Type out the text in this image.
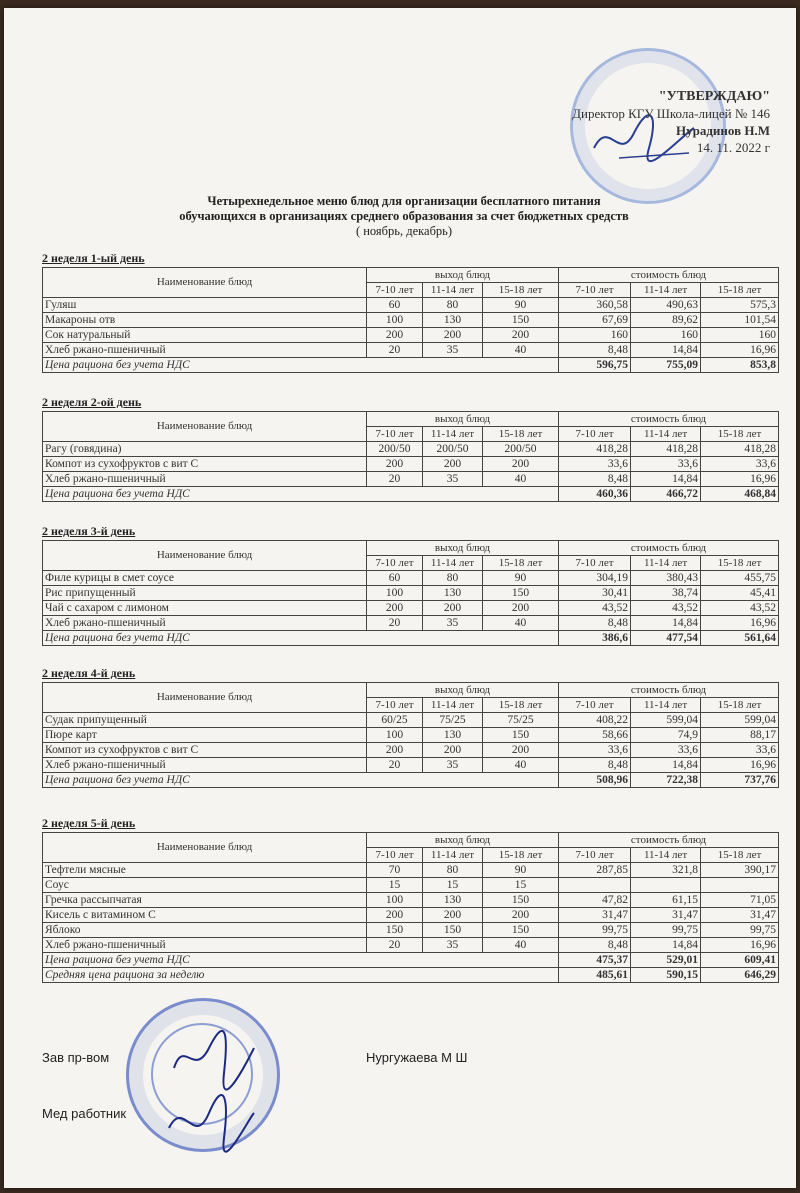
"УТВЕРЖДАЮ"
Директор КГУ Школа-лицей № 146
Нурадинов Н.М
14. 11. 2022 г
Четырехнедельное меню блюд для организации бесплатного питания
обучающихся в организациях среднего образования за счет бюджетных средств
( ноябрь, декабрь)
2 неделя 1-ый день
Наименование блюд	выход блюд			стоимость блюд		
	7-10 лет	11-14 лет	15-18 лет	7-10 лет	11-14 лет	15-18 лет
Гуляш	60	80	90	360,58	490,63	575,3
Макароны отв	100	130	150	67,69	89,62	101,54
Сок натуральный	200	200	200	160	160	160
Хлеб ржано-пшеничный	20	35	40	8,48	14,84	16,96
Цена рациона без учета НДС				596,75	755,09	853,8
2 неделя 2-ой день
Наименование блюд	выход блюд			стоимость блюд		
	7-10 лет	11-14 лет	15-18 лет	7-10 лет	11-14 лет	15-18 лет
Рагу (говядина)	200/50	200/50	200/50	418,28	418,28	418,28
Компот из сухофруктов с вит С	200	200	200	33,6	33,6	33,6
Хлеб ржано-пшеничный	20	35	40	8,48	14,84	16,96
Цена рациона без учета НДС				460,36	466,72	468,84
2 неделя 3-й день
Наименование блюд	выход блюд			стоимость блюд		
	7-10 лет	11-14 лет	15-18 лет	7-10 лет	11-14 лет	15-18 лет
Филе курицы в смет соусе	60	80	90	304,19	380,43	455,75
Рис припущенный	100	130	150	30,41	38,74	45,41
Чай с сахаром с лимоном	200	200	200	43,52	43,52	43,52
Хлеб ржано-пшеничный	20	35	40	8,48	14,84	16,96
Цена рациона без учета НДС				386,6	477,54	561,64
2 неделя 4-й день
Наименование блюд	выход блюд			стоимость блюд		
	7-10 лет	11-14 лет	15-18 лет	7-10 лет	11-14 лет	15-18 лет
Судак припущенный	60/25	75/25	75/25	408,22	599,04	599,04
Пюре карт	100	130	150	58,66	74,9	88,17
Компот из сухофруктов с вит С	200	200	200	33,6	33,6	33,6
Хлеб ржано-пшеничный	20	35	40	8,48	14,84	16,96
Цена рациона без учета НДС				508,96	722,38	737,76
2 неделя 5-й день
Наименование блюд	выход блюд			стоимость блюд		
	7-10 лет	11-14 лет	15-18 лет	7-10 лет	11-14 лет	15-18 лет
Тефтели мясные	70	80	90	287,85	321,8	390,17
Соус	15	15	15			
Гречка рассыпчатая	100	130	150	47,82	61,15	71,05
Кисель с витамином С	200	200	200	31,47	31,47	31,47
Яблоко	150	150	150	99,75	99,75	99,75
Хлеб ржано-пшеничный	20	35	40	8,48	14,84	16,96
Цена рациона без учета НДС				475,37	529,01	609,41
Средняя цена рациона за неделю				485,61	590,15	646,29
Зав пр-вом	Нургужаева М Ш
Мед работник
